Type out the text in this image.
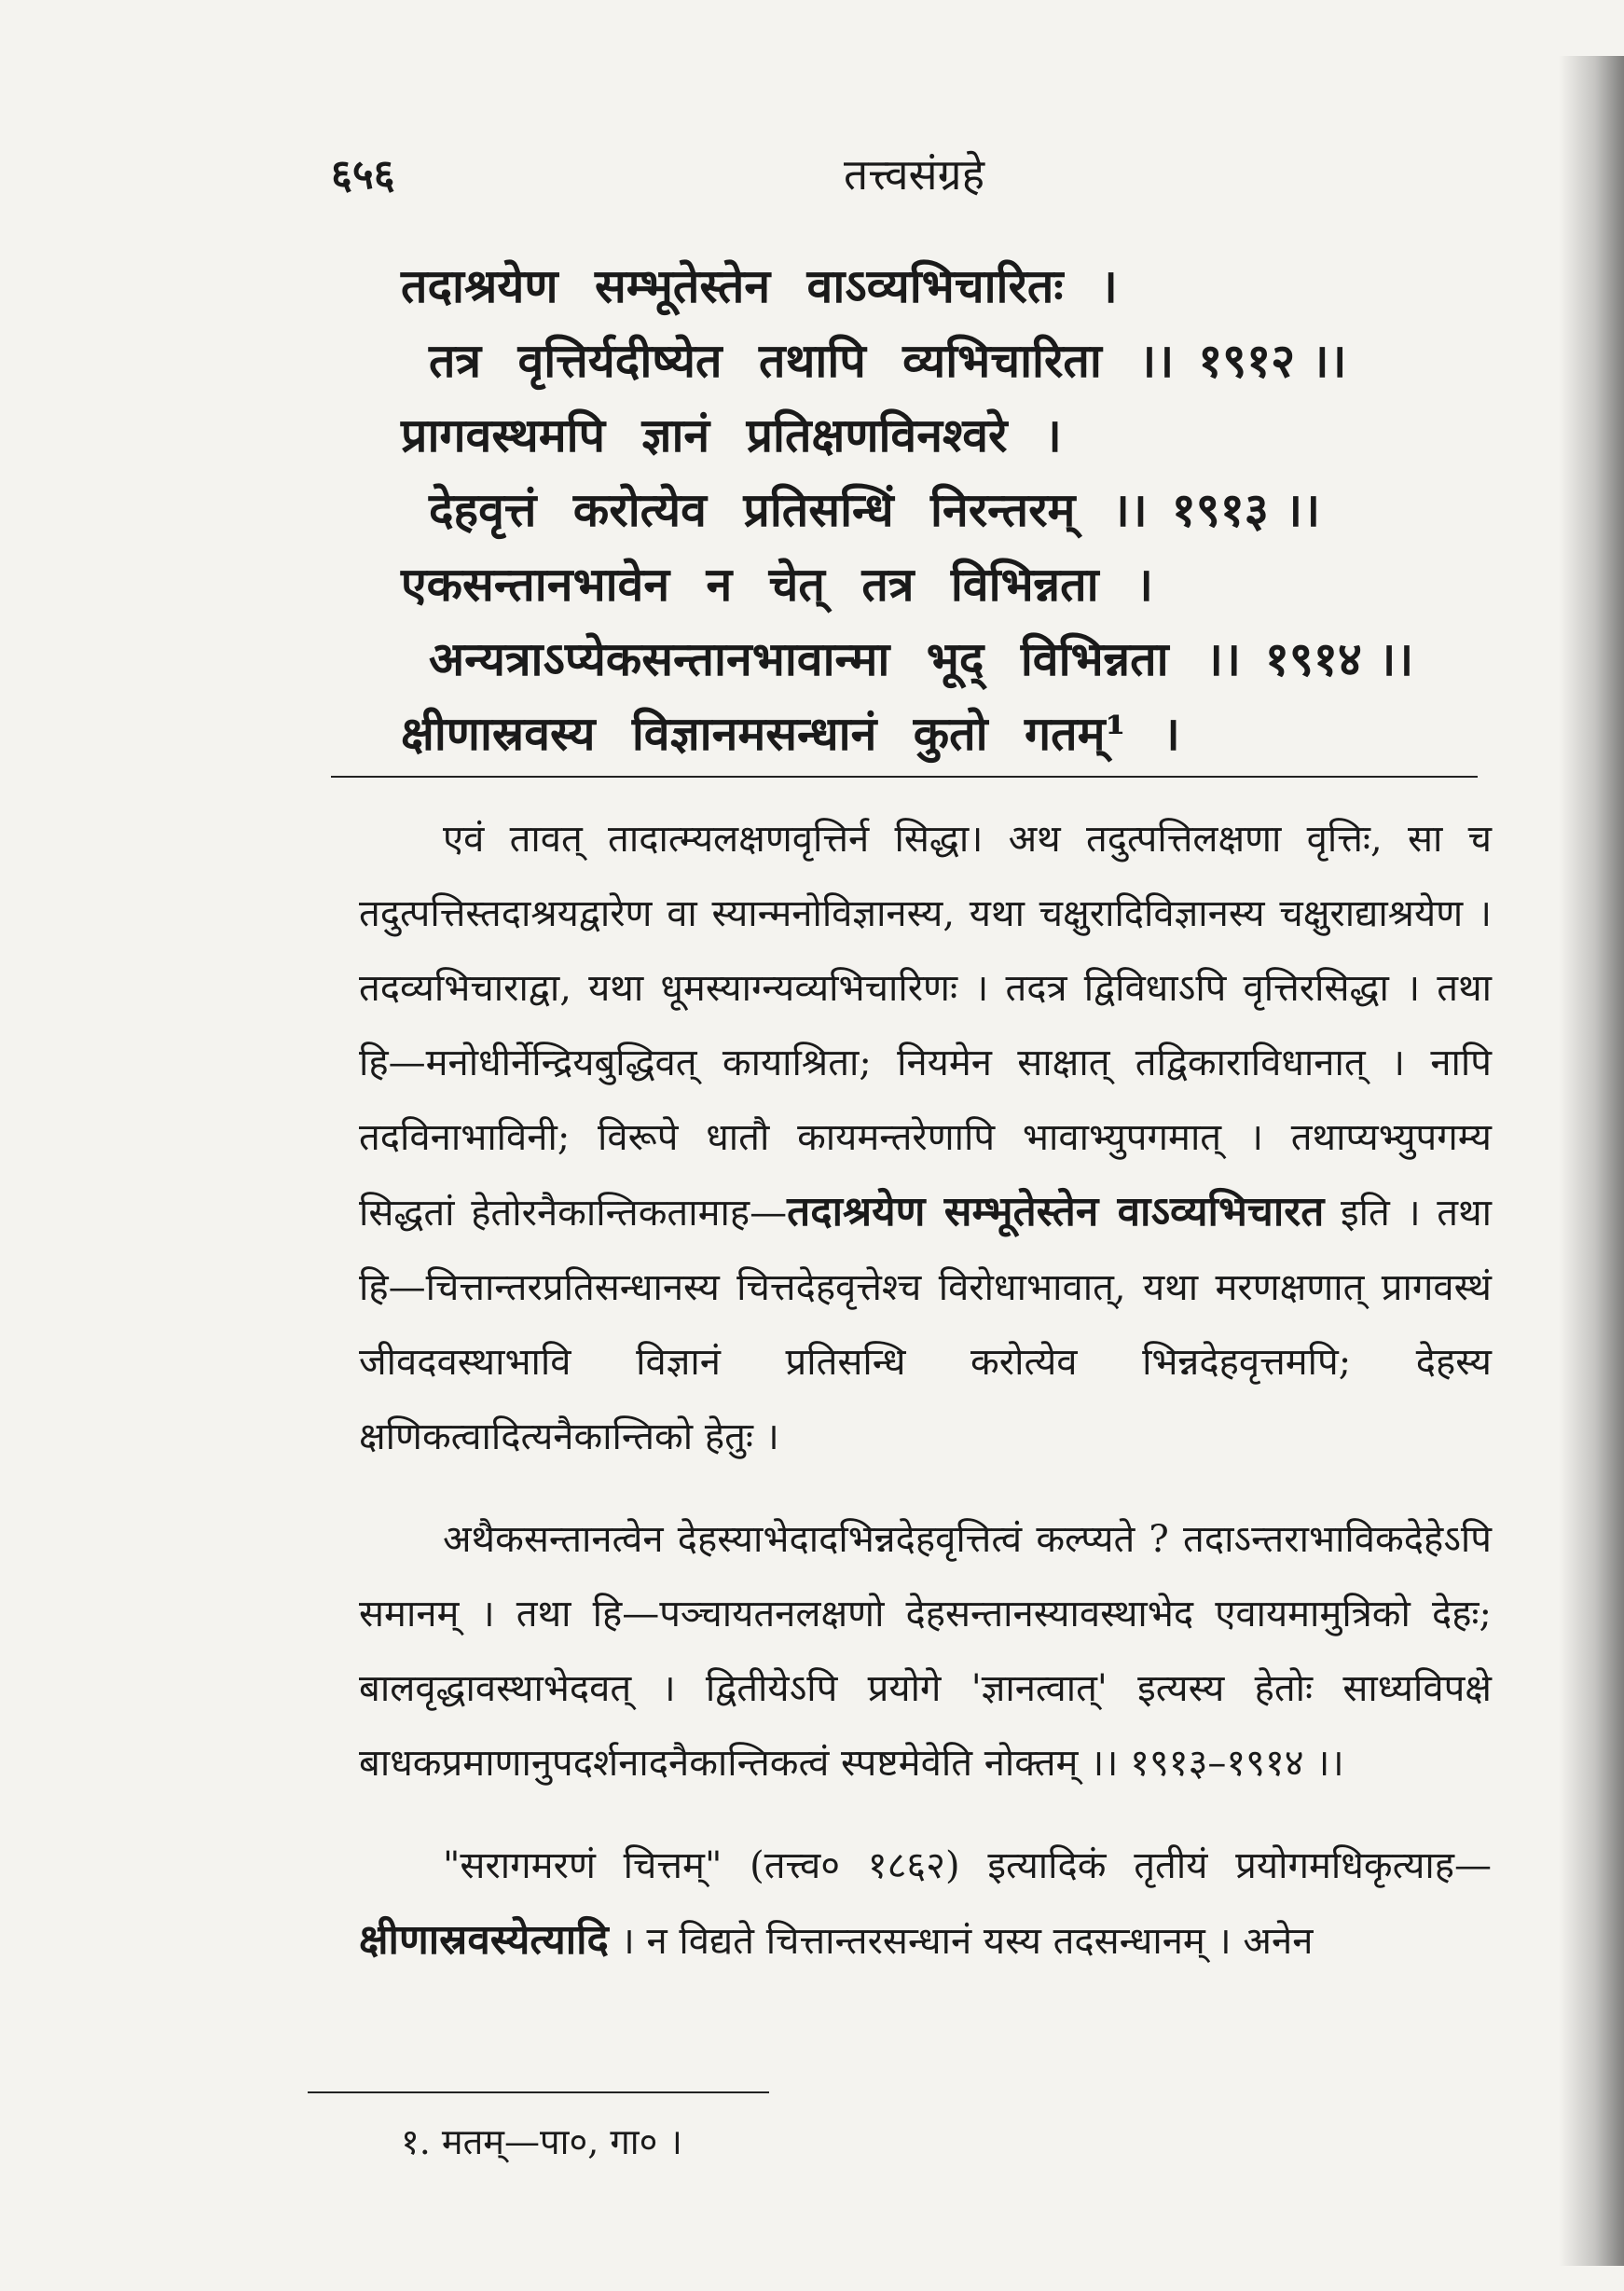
६५६	तत्त्वसंग्रहे
तदाश्रयेण सम्भूतेस्तेन वाऽव्यभिचारितः ।
तत्र वृत्तिर्यदीष्येत तथापि व्यभिचारिता ।। १९१२ ।।
प्रागवस्थमपि ज्ञानं प्रतिक्षणविनश्वरे ।
देहवृत्तं करोत्येव प्रतिसन्धिं निरन्तरम् ।। १९१३ ।।
एकसन्तानभावेन न चेत् तत्र विभिन्नता ।
अन्यत्राऽप्येकसन्तानभावान्मा भूद् विभिन्नता ।। १९१४ ।।
क्षीणास्रवस्य विज्ञानमसन्धानं कुतो गतम्¹ ।

एवं तावत् तादात्म्यलक्षणवृत्तिर्न सिद्धा। अथ तदुत्पत्तिलक्षणा वृत्तिः, सा च तदुत्पत्तिस्तदाश्रयद्वारेण वा स्यान्मनोविज्ञानस्य, यथा चक्षुरादिविज्ञानस्य चक्षुराद्याश्रयेण । तदव्यभिचाराद्वा, यथा धूमस्याग्न्यव्यभिचारिणः । तदत्र द्विविधाऽपि वृत्तिरसिद्धा । तथा हि—मनोधीर्नेन्द्रियबुद्धिवत् कायाश्रिता; नियमेन साक्षात् तद्विकाराविधानात् । नापि तदविनाभाविनी; विरूपे धातौ कायमन्तरेणापि भावाभ्युपगमात् । तथाप्यभ्युपगम्य सिद्धतां हेतोरनैकान्तिकतामाह—तदाश्रयेण सम्भूतेस्तेन वाऽव्यभिचारत इति । तथा हि—चित्तान्तरप्रतिसन्धानस्य चित्तदेहवृत्तेश्च विरोधाभावात्, यथा मरणक्षणात् प्रागवस्थं जीवदवस्थाभावि विज्ञानं प्रतिसन्धि करोत्येव भिन्नदेहवृत्तमपि; देहस्य क्षणिकत्वादित्यनैकान्तिको हेतुः ।

अथैकसन्तानत्वेन देहस्याभेदादभिन्नदेहवृत्तित्वं कल्प्यते ? तदाऽन्तराभाविकदेहेऽपि समानम् । तथा हि—पञ्चायतनलक्षणो देहसन्तानस्यावस्थाभेद एवायमामुत्रिको देहः; बालवृद्धावस्थाभेदवत् । द्वितीयेऽपि प्रयोगे 'ज्ञानत्वात्' इत्यस्य हेतोः साध्यविपक्षे बाधकप्रमाणानुपदर्शनादनैकान्तिकत्वं स्पष्टमेवेति नोक्तम् ।। १९१३–१९१४ ।।

"सरागमरणं चित्तम्" (तत्त्व० १८६२) इत्यादिकं तृतीयं प्रयोगमधिकृत्याह—क्षीणास्रवस्येत्यादि । न विद्यते चित्तान्तरसन्धानं यस्य तदसन्धानम् । अनेन

१. मतम्—पा०, गा० ।
